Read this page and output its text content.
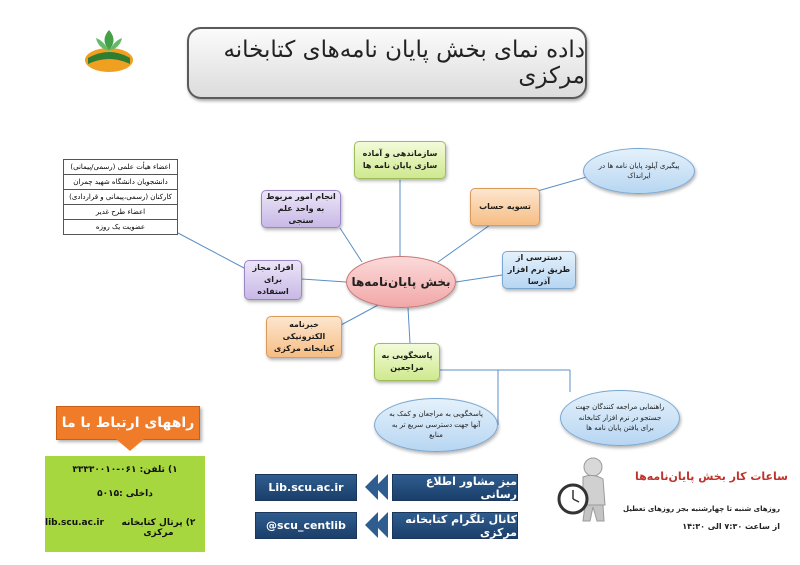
داده نمای بخش پایان نامه‌های کتابخانه مرکزی
سازماندهی و آماده سازی پایان نامه ها
تسویه حساب
پیگیری آپلود پایان نامه ها در ایرانداک
دسترسی از طریق نرم افزار آذرسا
پاسخگویی به مراجعین
پاسخگویی به مراجعان و کمک به آنها جهت دسترسی سریع تر به منابع
راهنمایی مراجعه کنندگان جهت جستجو در نرم افزار کتابخانه برای یافتن پایان نامه ها
خبرنامه الکترونیکی کتابخانه مرکزی
افراد مجاز برای استفاده
انجام امور مربوط به واحد علم سنجی
بخش پایان‌نامه‌ها
اعضاء هیأت علمی (رسمی/پیمانی)
دانشجویان دانشگاه شهید چمران
کارکنان (رسمی،پیمانی و قراردادی)
اعضاء طرح غدیر
عضویت یک روزه
راههای ارتباط با ما
۱) تلفن: ۰۶۱-۳۳۳۳۰۰۱۰
داخلی :۵۰۱۵
۲) پرتال کتابخانه مرکزی
lib.scu.ac.ir
Lib.scu.ac.ir	میز مشاور اطلاع رسانی
@scu_centlib	کانال تلگرام کتابخانه مرکزی
ساعات کار بخش پایان‌نامه‌ها
روزهای شنبه تا چهارشنبه بجز روزهای تعطیل
از ساعت ۷:۳۰ الی ۱۴:۳۰
